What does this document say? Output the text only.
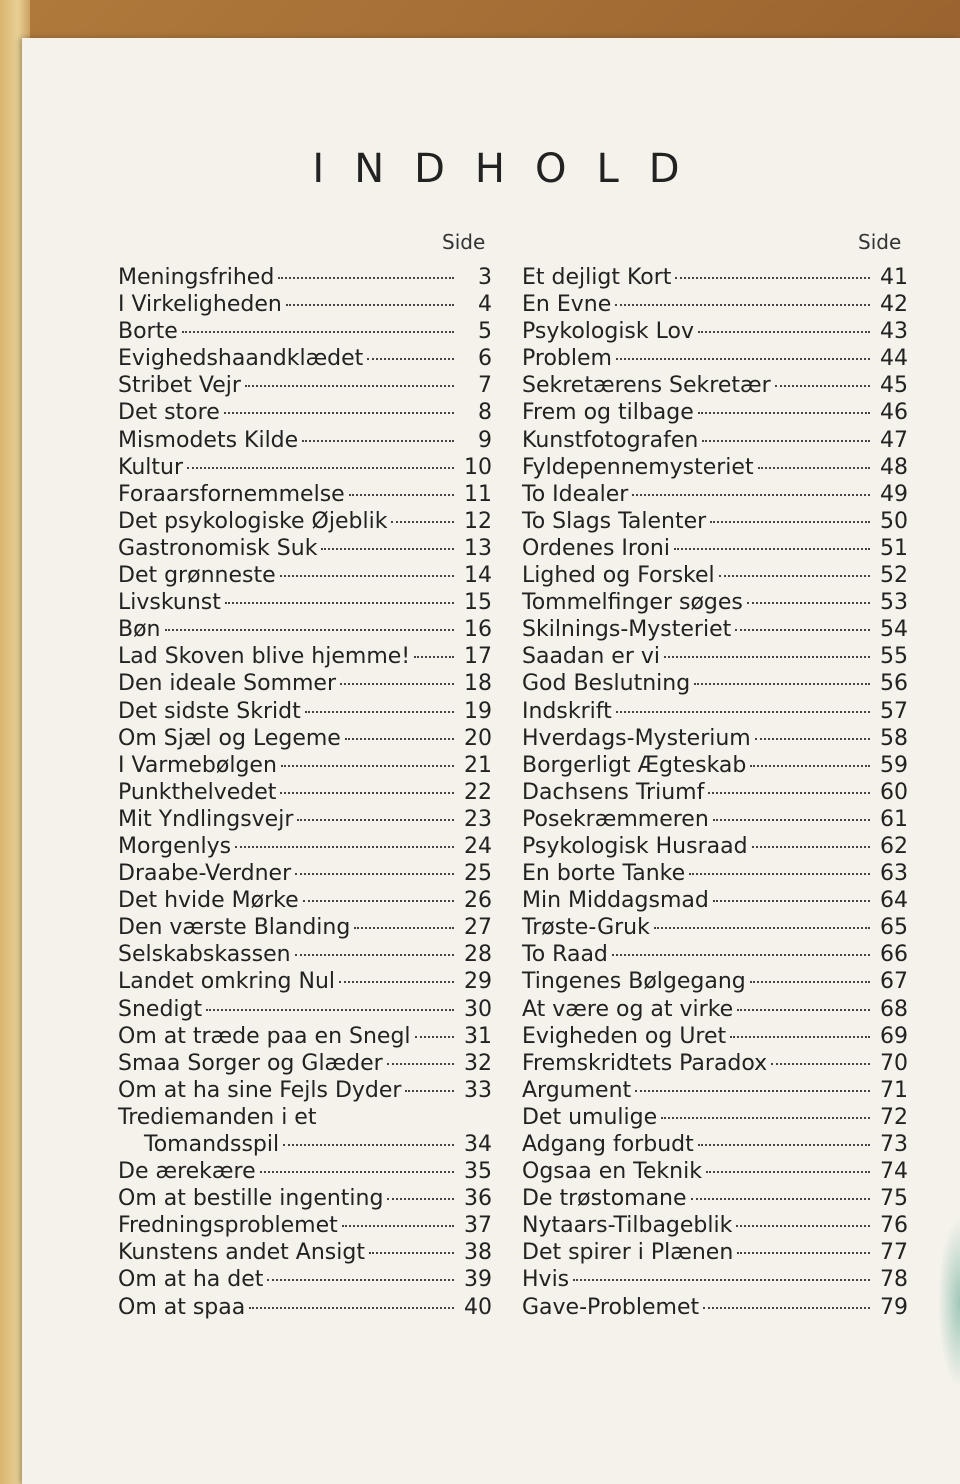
INDHOLD
Side	Side
Meningsfrihed	3
I Virkeligheden	4
Borte	5
Evighedshaandklædet	6
Stribet Vejr	7
Det store	8
Mismodets Kilde	9
Kultur	10
Foraarsfornemmelse	11
Det psykologiske Øjeblik	12
Gastronomisk Suk	13
Det grønneste	14
Livskunst	15
Bøn	16
Lad Skoven blive hjemme! 17
Den ideale Sommer	18
Det sidste Skridt	19
Om Sjæl og Legeme	20
I Varmebølgen	21
Punkthelvedet	22
Mit Yndlingsvejr	23
Morgenlys	24
Draabe-Verdner	25
Det hvide Mørke	26
Den værste Blanding	27
Selskabskassen	28
Landet omkring Nul	29
Snedigt	30
Om at træde paa en Snegl 31
Smaa Sorger og Glæder	32
Om at ha sine Fejls Dyder	33
Trediemanden i et
Tomandsspil	34
De ærekære	35
Om at bestille ingenting	36
Fredningsproblemet	37
Kunstens andet Ansigt	38
Om at ha det	39
Om at spaa	40
Et dejligt Kort	41
En Evne	42
Psykologisk Lov	43
Problem	44
Sekretærens Sekretær	45
Frem og tilbage	46
Kunstfotografen	47
Fyldepennemysteriet	48
To Idealer	49
To Slags Talenter	50
Ordenes Ironi	51
Lighed og Forskel	52
Tommelfinger søges	53
Skilnings-Mysteriet	54
Saadan er vi	55
God Beslutning	56
Indskrift	57
Hverdags-Mysterium	58
Borgerligt Ægteskab	59
Dachsens Triumf	60
Posekræmmeren	61
Psykologisk Husraad	62
En borte Tanke	63
Min Middagsmad	64
Trøste-Gruk	65
To Raad	66
Tingenes Bølgegang	67
At være og at virke	68
Evigheden og Uret	69
Fremskridtets Paradox	70
Argument	71
Det umulige	72
Adgang forbudt	73
Ogsaa en Teknik	74
De trøstomane	75
Nytaars-Tilbageblik	76
Det spirer i Plænen	77
Hvis	78
Gave-Problemet	79
